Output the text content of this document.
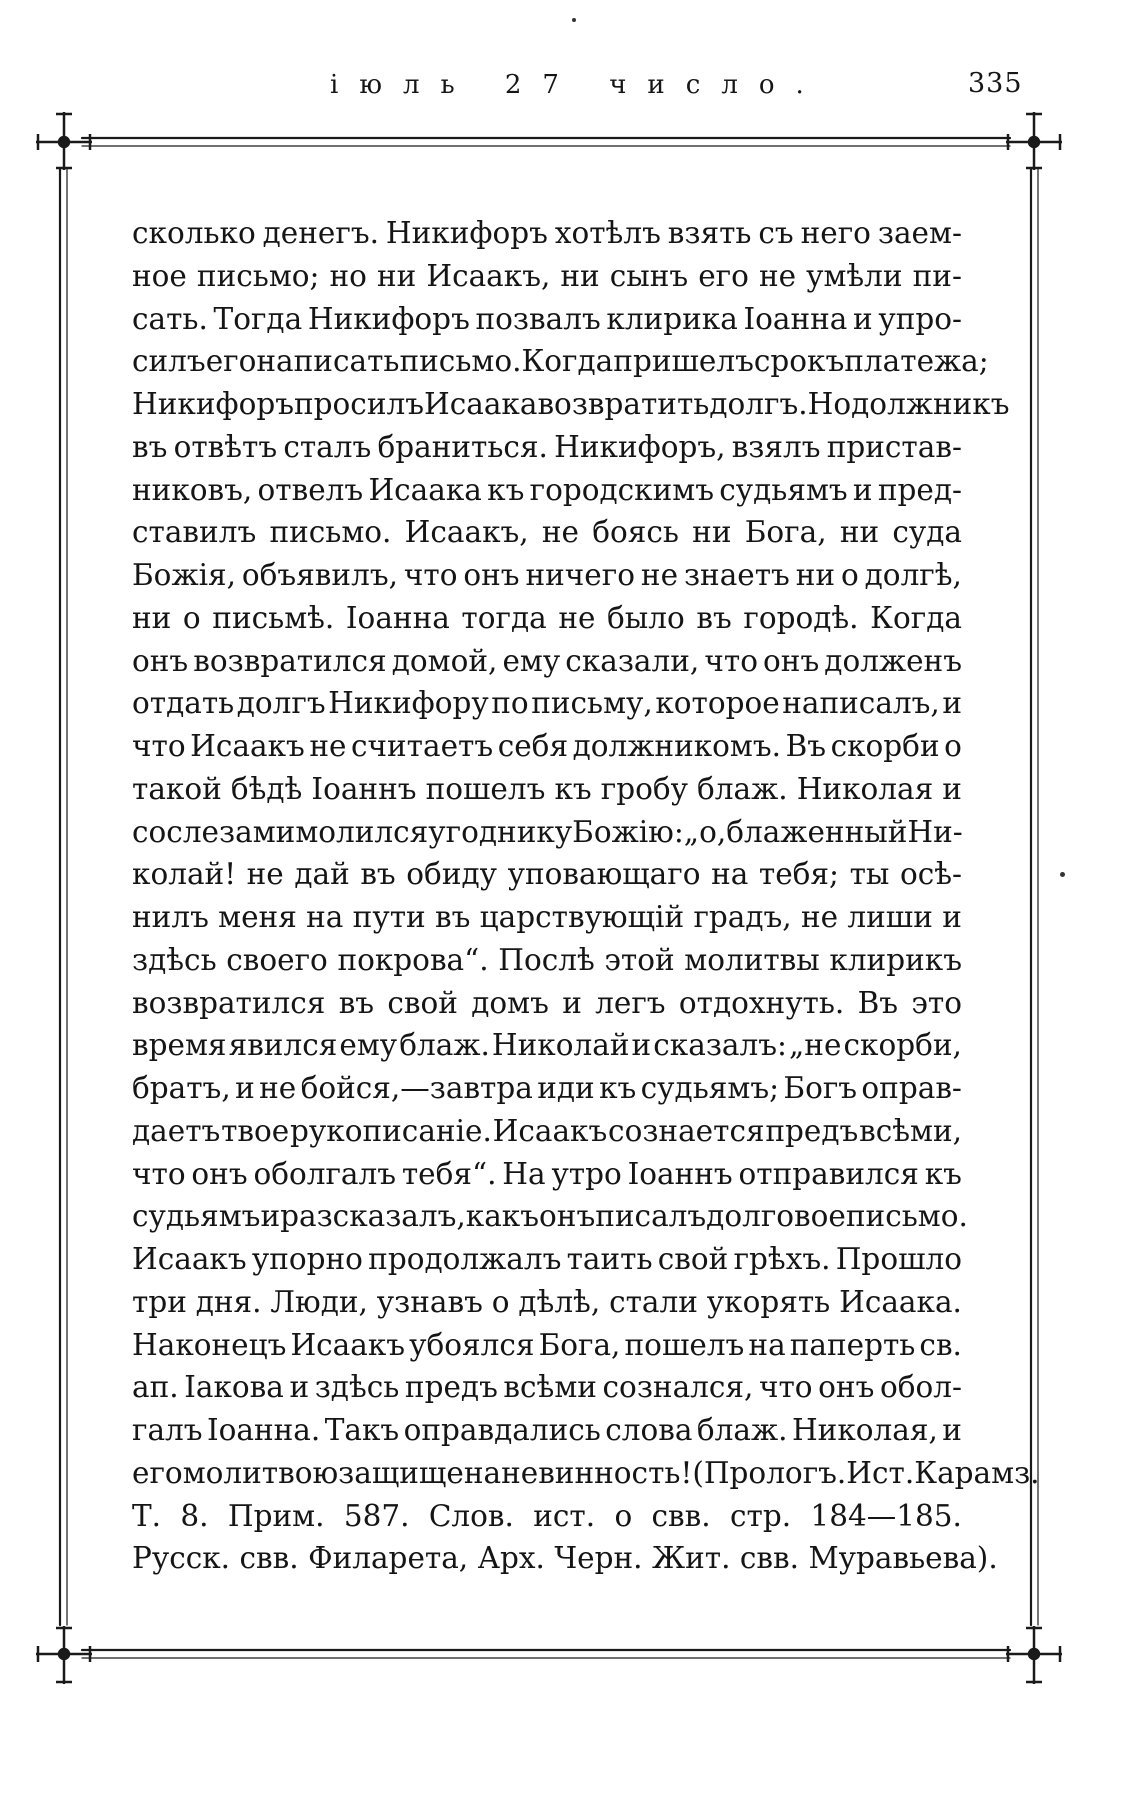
іюль 27 число.	335
сколько денегъ. Никифоръ хотѣлъ взять съ него заем-
ное письмо; но ни Исаакъ, ни сынъ его не умѣли пи-
сать. Тогда Никифоръ позвалъ клирика Іоанна и упро-
силъ его написать письмо. Когда пришелъ срокъ платежа;
Никифоръ просилъ Исаака возвратить долгъ. Но должникъ
въ отвѣтъ сталъ браниться. Никифоръ, взялъ пристав-
никовъ, отвелъ Исаака къ городскимъ судьямъ и пред-
ставилъ письмо. Исаакъ, не боясь ни Бога, ни суда
Божія, объявилъ, что онъ ничего не знаетъ ни о долгѣ,
ни о письмѣ. Іоанна тогда не было въ городѣ. Когда
онъ возвратился домой, ему сказали, что онъ долженъ
отдать долгъ Никифору по письму, которое написалъ, и
что Исаакъ не считаетъ себя должникомъ. Въ скорби о
такой бѣдѣ Іоаннъ пошелъ къ гробу блаж. Николая и
со слезами молился угоднику Божію: „о, блаженный Ни-
колай! не дай въ обиду уповающаго на тебя; ты осѣ-
нилъ меня на пути въ царствующій градъ, не лиши и
здѣсь своего покрова“. Послѣ этой молитвы клирикъ
возвратился въ свой домъ и легъ отдохнуть. Въ это
время явился ему блаж. Николай и сказалъ: „не скорби,
братъ, и не бойся,—завтра иди къ судьямъ; Богъ оправ-
даетъ твое рукописаніе. Исаакъ сознается предъ всѣми,
что онъ оболгалъ тебя“. На утро Іоаннъ отправился къ
судьямъ и разсказалъ, какъ онъ писалъ долговое письмо.
Исаакъ упорно продолжалъ таить свой грѣхъ. Прошло
три дня. Люди, узнавъ о дѣлѣ, стали укорять Исаака.
Наконецъ Исаакъ убоялся Бога, пошелъ на паперть св.
ап. Іакова и здѣсь предъ всѣми сознался, что онъ обол-
галъ Іоанна. Такъ оправдались слова блаж. Николая, и
его молитвою защищена невинность! (Прологъ. Ист. Карамз.
Т. 8. Прим. 587. Слов. ист. о свв. стр. 184—185.
Русск. свв. Филарета, Арх. Черн. Жит. свв. Муравьева).
